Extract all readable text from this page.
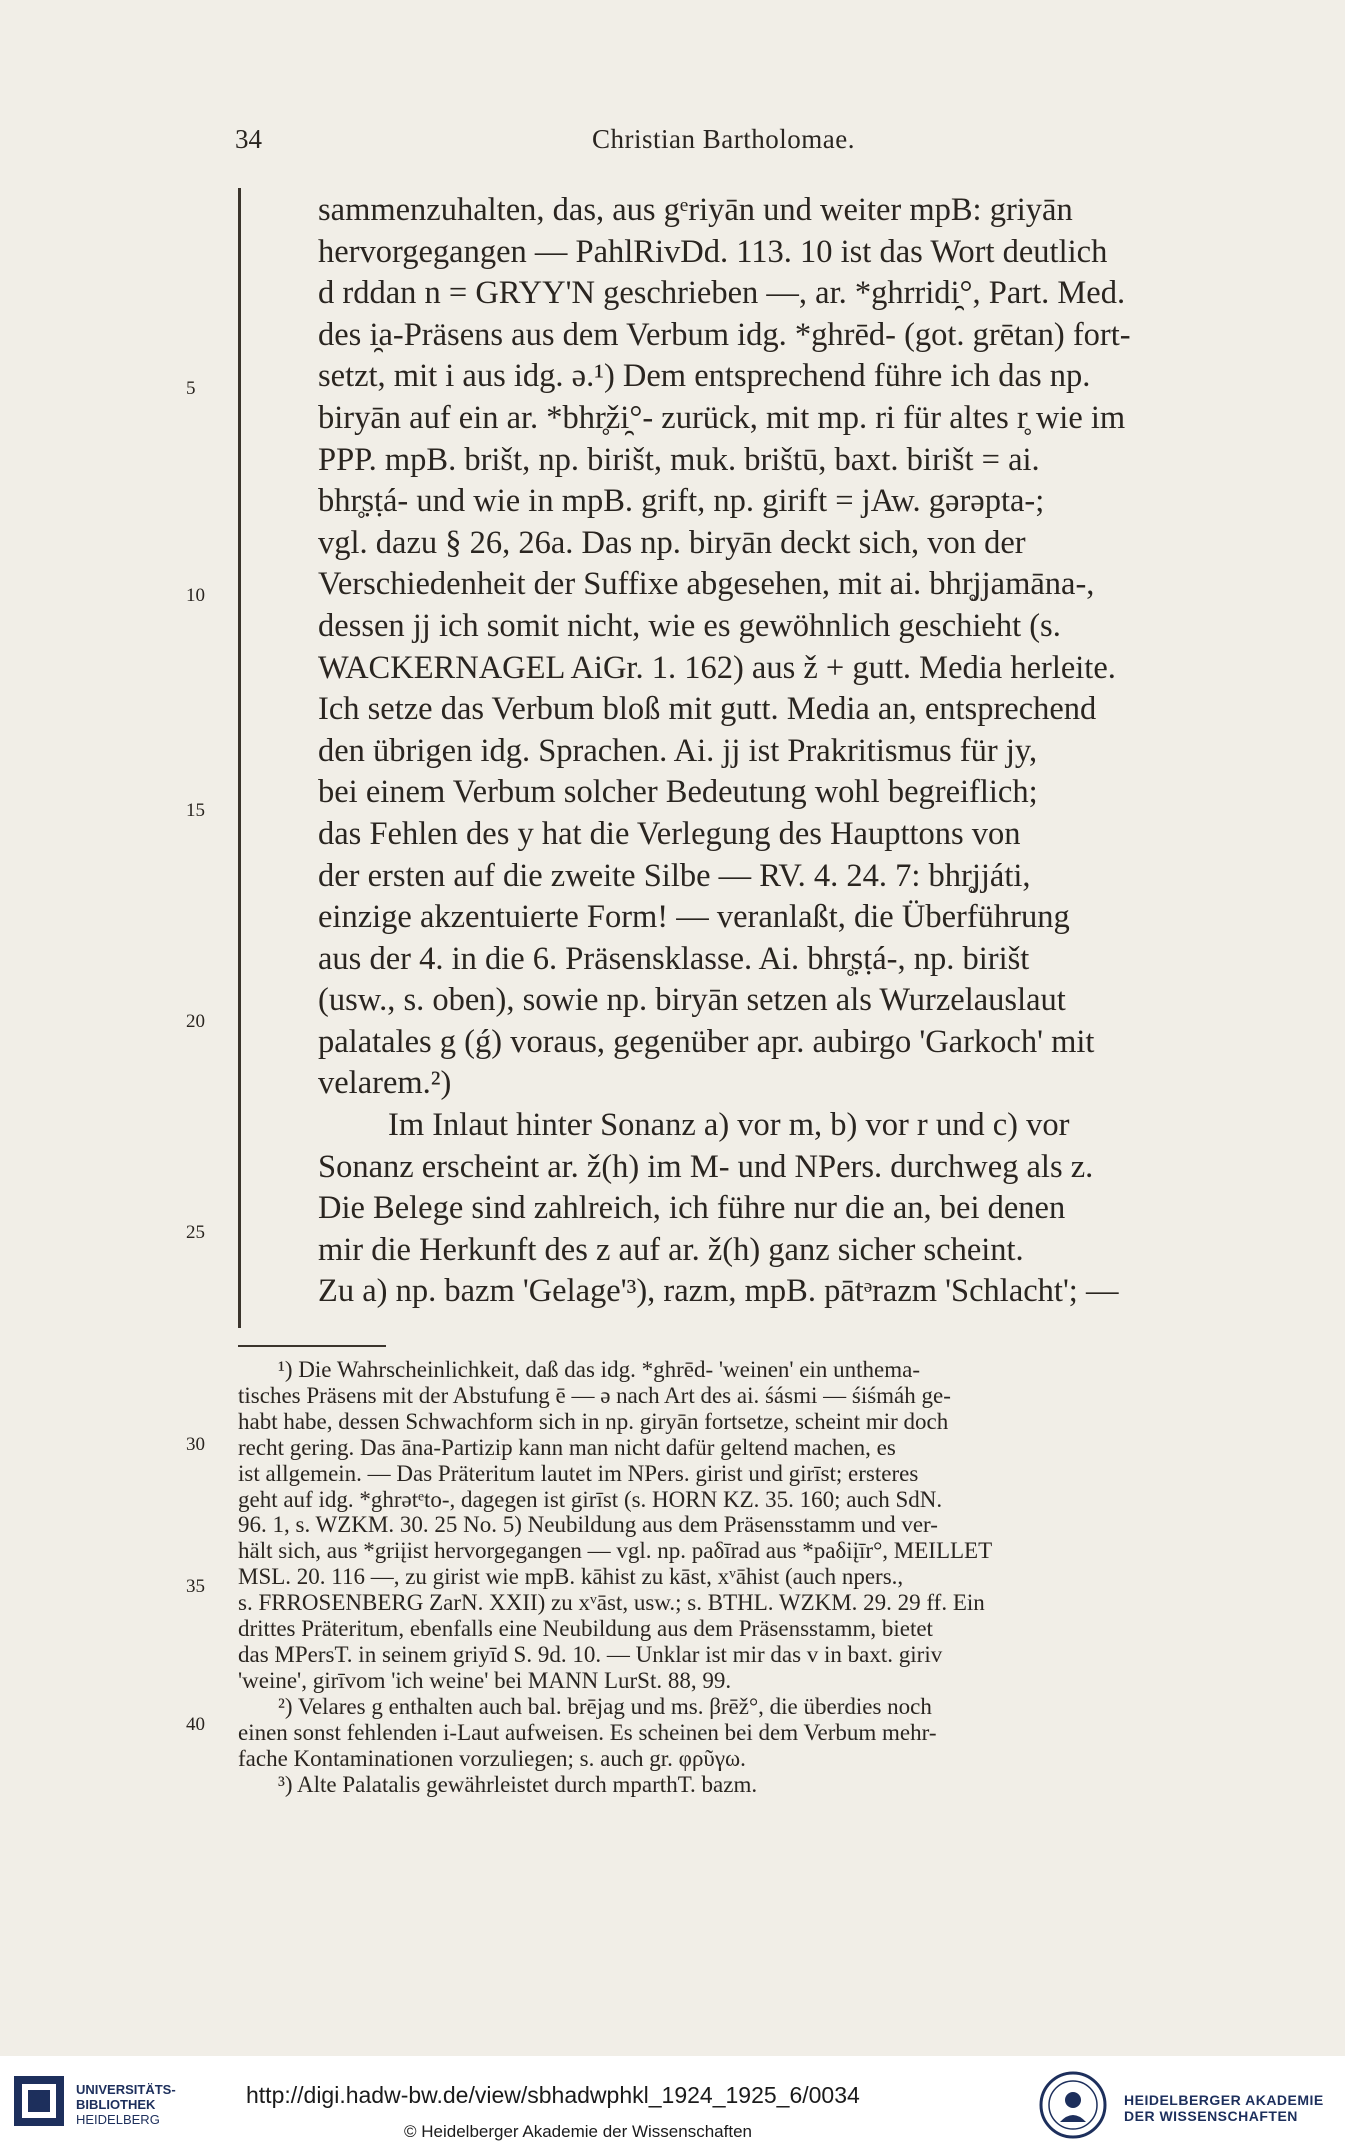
34	Christian Bartholomae.
sammenzuhalten, das, aus gᵉriyān und weiter mpB: griyān
hervorgegangen — PahlRivDd. 113. 10 ist das Wort deutlich
d rddan n = GRYY'N geschrieben —, ar. *ghrridi̯°, Part. Med.
des i̯a-Präsens aus dem Verbum idg. *ghrēd- (got. grētan) fort-
setzt, mit i aus idg. ə.¹) Dem entsprechend führe ich das np.
biryān auf ein ar. *bhr̥ži̯°- zurück, mit mp. ri für altes r̥ wie im
PPP. mpB. brišt, np. birišt, muk. brištū, baxt. birišt = ai.
bhr̥ṣṭá- und wie in mpB. grift, np. girift = jAw. gərəpta-;
vgl. dazu § 26, 26a. Das np. biryān deckt sich, von der
Verschiedenheit der Suffixe abgesehen, mit ai. bhr̥jjamāna-,
dessen jj ich somit nicht, wie es gewöhnlich geschieht (s.
WACKERNAGEL AiGr. 1. 162) aus ž + gutt. Media herleite.
Ich setze das Verbum bloß mit gutt. Media an, entsprechend
den übrigen idg. Sprachen. Ai. jj ist Prakritismus für jy,
bei einem Verbum solcher Bedeutung wohl begreiflich;
das Fehlen des y hat die Verlegung des Haupttons von
der ersten auf die zweite Silbe — RV. 4. 24. 7: bhr̥jjáti,
einzige akzentuierte Form! — veranlaßt, die Überführung
aus der 4. in die 6. Präsensklasse. Ai. bhr̥ṣṭá-, np. birišt
(usw., s. oben), sowie np. biryān setzen als Wurzelauslaut
palatales g (ǵ) voraus, gegenüber apr. aubirgo 'Garkoch' mit
velarem.²)
Im Inlaut hinter Sonanz a) vor m, b) vor r und c) vor
Sonanz erscheint ar. ž(h) im M- und NPers. durchweg als z.
Die Belege sind zahlreich, ich führe nur die an, bei denen
mir die Herkunft des z auf ar. ž(h) ganz sicher scheint.
Zu a) np. bazm 'Gelage'³), razm, mpB. pātᵊrazm 'Schlacht'; —
5
10
15
20
25
30
35
40
¹) Die Wahrscheinlichkeit, daß das idg. *ghrēd- 'weinen' ein unthema-
tisches Präsens mit der Abstufung ē — ə nach Art des ai. śásmi — śiśmáh ge-
habt habe, dessen Schwachform sich in np. giryān fortsetze, scheint mir doch
recht gering. Das āna-Partizip kann man nicht dafür geltend machen, es
ist allgemein. — Das Präteritum lautet im NPers. girist und girīst; ersteres
geht auf idg. *ghrətᵉto-, dagegen ist girīst (s. HORN KZ. 35. 160; auch SdN.
96. 1, s. WZKM. 30. 25 No. 5) Neubildung aus dem Präsensstamm und ver-
hält sich, aus *griįist hervorgegangen — vgl. np. paδīrad aus *paδiįīr°, MEILLET
MSL. 20. 116 —, zu girist wie mpB. kāhist zu kāst, xᵛāhist (auch npers.,
s. FRROSENBERG ZarN. XXII) zu xᵛāst, usw.; s. BTHL. WZKM. 29. 29 ff. Ein
drittes Präteritum, ebenfalls eine Neubildung aus dem Präsensstamm, bietet
das MPersT. in seinem griyīd S. 9d. 10. — Unklar ist mir das v in baxt. giriv
'weine', girīvom 'ich weine' bei MANN LurSt. 88, 99.
²) Velares g enthalten auch bal. brējag und ms. βrēž°, die überdies noch
einen sonst fehlenden i-Laut aufweisen. Es scheinen bei dem Verbum mehr-
fache Kontaminationen vorzuliegen; s. auch gr. φρῦγω.
³) Alte Palatalis gewährleistet durch mparthT. bazm.
UNIVERSITÄTS-
BIBLIOTHEK
HEIDELBERG
http://digi.hadw-bw.de/view/sbhadwphkl_1924_1925_6/0034
© Heidelberger Akademie der Wissenschaften
HEIDELBERGER AKADEMIE
DER WISSENSCHAFTEN
